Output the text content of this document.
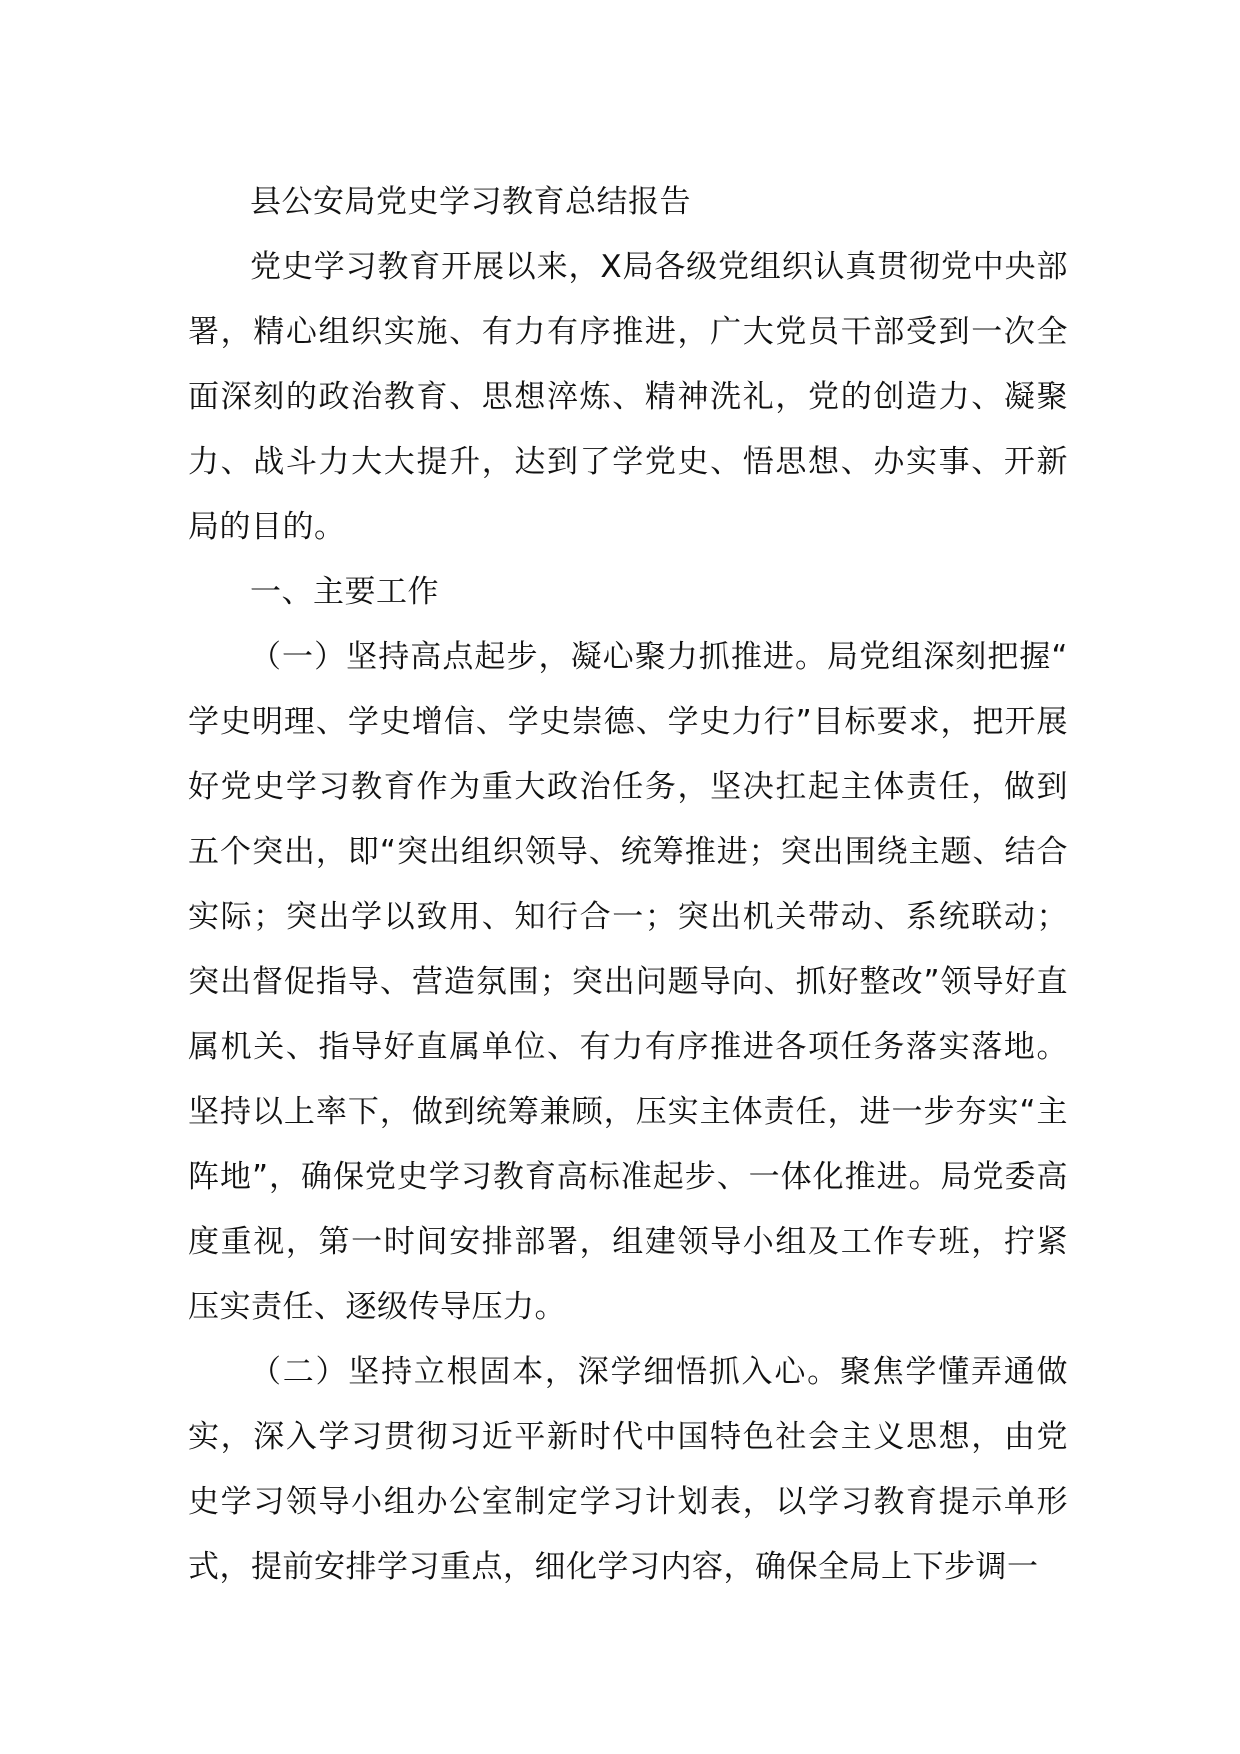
县公安局党史学习教育总结报告

党史学习教育开展以来，X局各级党组织认真贯彻党中央部署，精心组织实施、有力有序推进，广大党员干部受到一次全面深刻的政治教育、思想淬炼、精神洗礼，党的创造力、凝聚力、战斗力大大提升，达到了学党史、悟思想、办实事、开新局的目的。

一、主要工作

（一）坚持高点起步，凝心聚力抓推进。局党组深刻把握“学史明理、学史增信、学史崇德、学史力行”目标要求，把开展好党史学习教育作为重大政治任务，坚决扛起主体责任，做到五个突出，即“突出组织领导、统筹推进；突出围绕主题、结合实际；突出学以致用、知行合一；突出机关带动、系统联动；突出督促指导、营造氛围；突出问题导向、抓好整改”领导好直属机关、指导好直属单位、有力有序推进各项任务落实落地。坚持以上率下，做到统筹兼顾，压实主体责任，进一步夯实“主阵地”，确保党史学习教育高标准起步、一体化推进。局党委高度重视，第一时间安排部署，组建领导小组及工作专班，拧紧压实责任、逐级传导压力。

（二）坚持立根固本，深学细悟抓入心。聚焦学懂弄通做实，深入学习贯彻习近平新时代中国特色社会主义思想，由党史学习领导小组办公室制定学习计划表，以学习教育提示单形式，提前安排学习重点，细化学习内容，确保全局上下步调一
